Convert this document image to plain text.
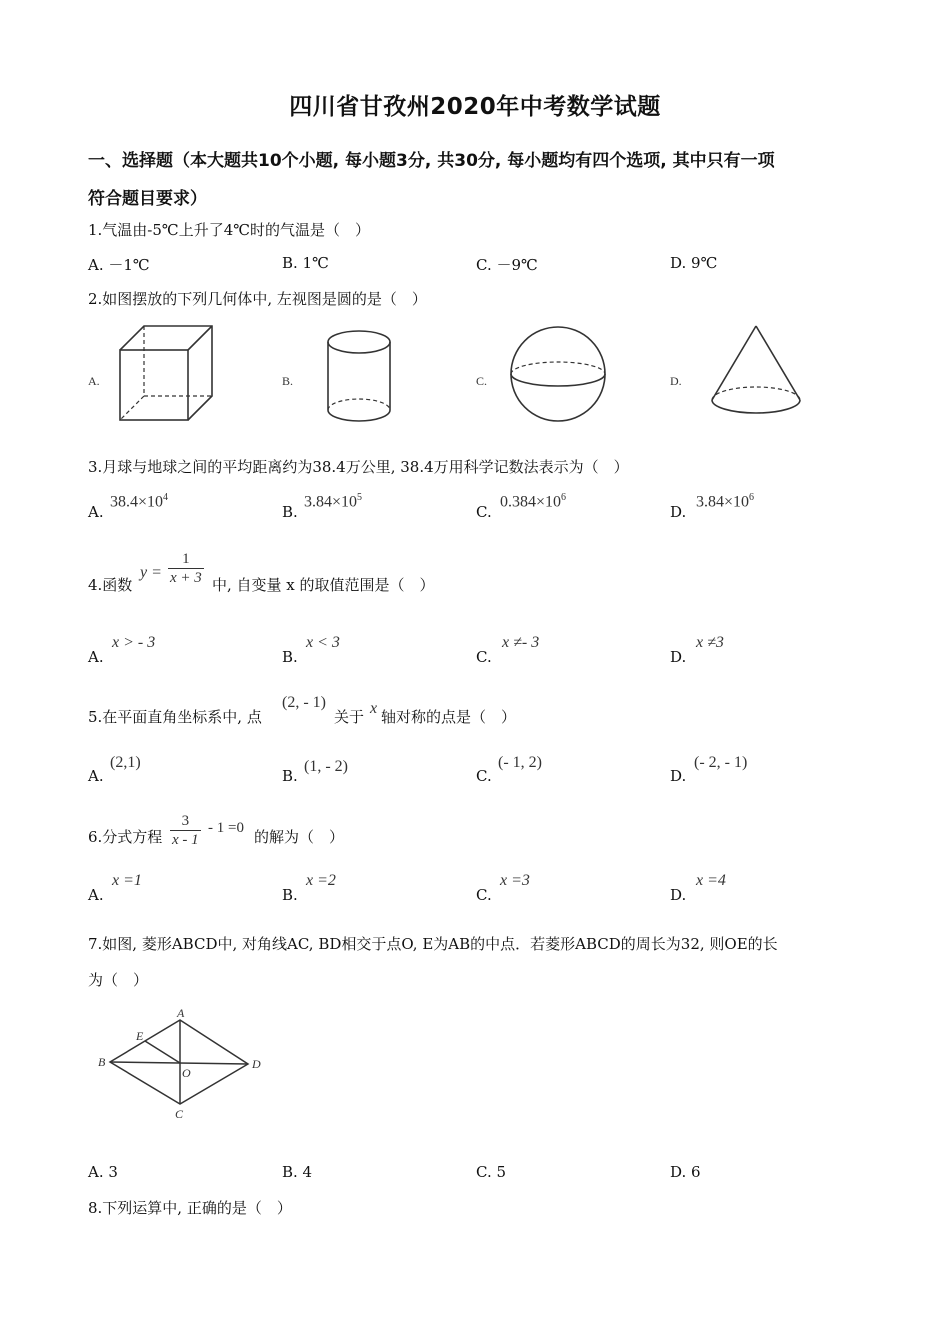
四川省甘孜州2020年中考数学试题
一、选择题（本大题共10个小题, 每小题3分, 共30分, 每小题均有四个选项, 其中只有一项
符合题目要求）
1.气温由-5℃上升了4℃时的气温是（　）
A. －1℃	B. 1℃	C. －9℃	D. 9℃
2.如图摆放的下列几何体中, 左视图是圆的是（　）
A.	B.	C.	D.
3.月球与地球之间的平均距离约为38.4万公里, 38.4万用科学记数法表示为（　）
A.	B.	C.	D.
$38.4\times 10^4$	$3.84\times 10^5$	$0.384\times 10^6$	$3.84\times 10^6$
4.函数
$y = \frac{1}{x + 3}$ 中, 自变量 x 的取值范围是（　）
A.	B.	C.	D.
x > - 3	x < 3	x ≠- 3	x ≠3
5.在平面直角坐标系中, 点
(2, - 1)
关于 x 轴对称的点是（　）
A.	B.	C.	D.
(2,1)	(1, - 2)	(- 1, 2)	(- 2, - 1)
6.分式方程 $\frac{3}{x - 1} - 1 =0$ 的解为（　）
A.	B.	C.	D.
x =1	x =2	x =3	x =4
7.如图, 菱形ABCD中, 对角线AC, BD相交于点O, E为AB的中点．若菱形ABCD的周长为32, 则OE的长
为（　）
A
B
C
D
E
O
A. 3	B. 4	C. 5	D. 6
8.下列运算中, 正确的是（　）
